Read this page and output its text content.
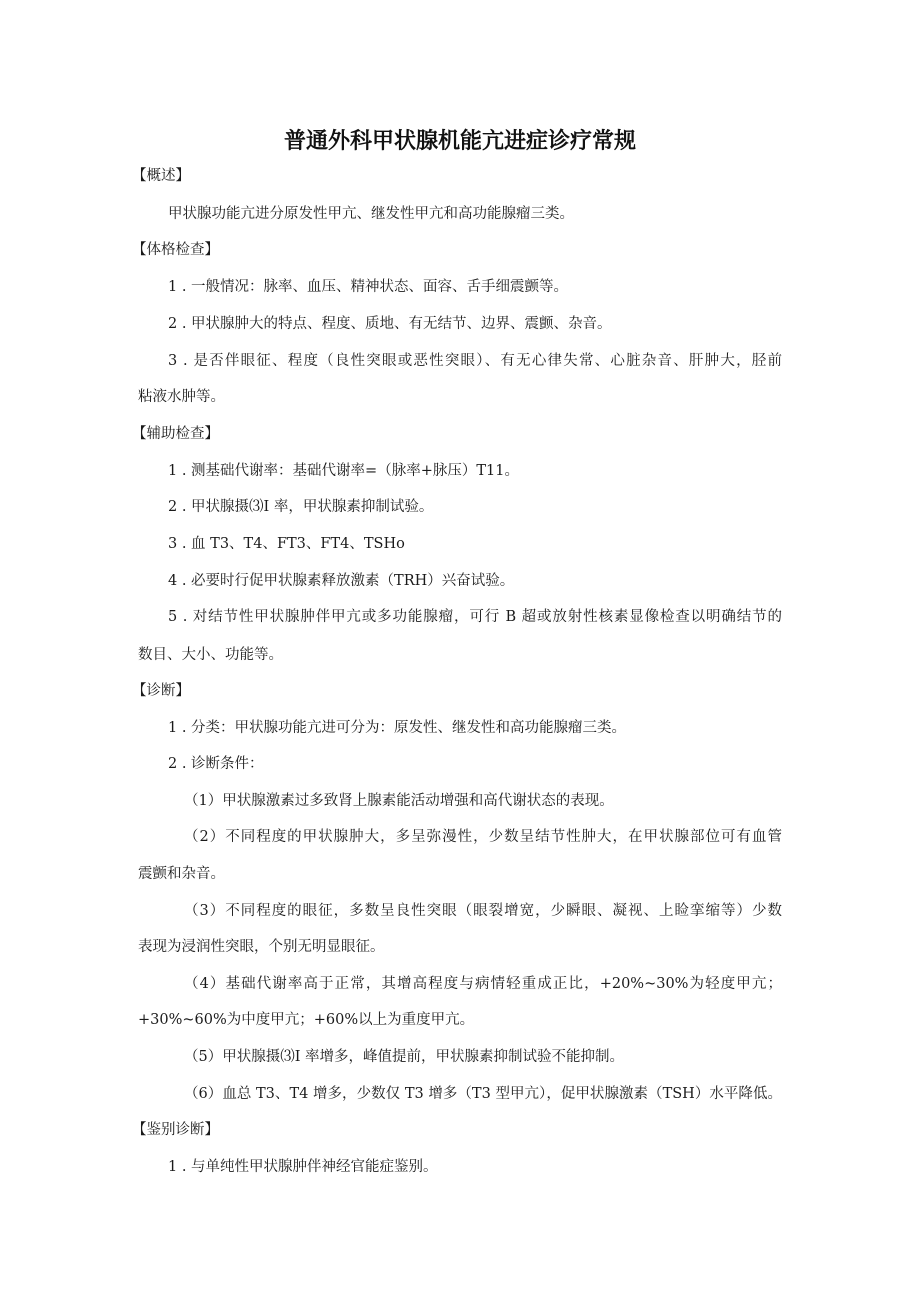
普通外科甲状腺机能亢进症诊疗常规
【概述】
甲状腺功能亢进分原发性甲亢、继发性甲亢和高功能腺瘤三类。
【体格检查】
1 . 一般情况：脉率、血压、精神状态、面容、舌手细震颤等。
2 . 甲状腺肿大的特点、程度、质地、有无结节、边界、震颤、杂音。
3 . 是否伴眼征、程度（良性突眼或恶性突眼）、有无心律失常、心脏杂音、肝肿大，胫前
粘液水肿等。
【辅助检查】
1 . 测基础代谢率：基础代谢率=（脉率+脉压）T11。
2 . 甲状腺摄⑶I 率，甲状腺素抑制试验。
3 . 血 T3、T4、FT3、FT4、TSHo
4 . 必要时行促甲状腺素释放激素（TRH）兴奋试验。
5 . 对结节性甲状腺肿伴甲亢或多功能腺瘤，可行 B 超或放射性核素显像检查以明确结节的
数目、大小、功能等。
【诊断】
1 . 分类：甲状腺功能亢进可分为：原发性、继发性和高功能腺瘤三类。
2 . 诊断条件：
（1）甲状腺激素过多致肾上腺素能活动增强和高代谢状态的表现。
（2）不同程度的甲状腺肿大，多呈弥漫性，少数呈结节性肿大，在甲状腺部位可有血管
震颤和杂音。
（3）不同程度的眼征，多数呈良性突眼（眼裂增宽，少瞬眼、凝视、上睑挛缩等）少数
表现为浸润性突眼，个别无明显眼征。
（4）基础代谢率高于正常，其增高程度与病情轻重成正比，+20%~30%为轻度甲亢；
+30%~60%为中度甲亢；+60%以上为重度甲亢。
（5）甲状腺摄⑶I 率增多，峰值提前，甲状腺素抑制试验不能抑制。
（6）血总 T3、T4 增多，少数仅 T3 增多（T3 型甲亢），促甲状腺激素（TSH）水平降低。
【鉴别诊断】
1 . 与单纯性甲状腺肿伴神经官能症鉴别。
